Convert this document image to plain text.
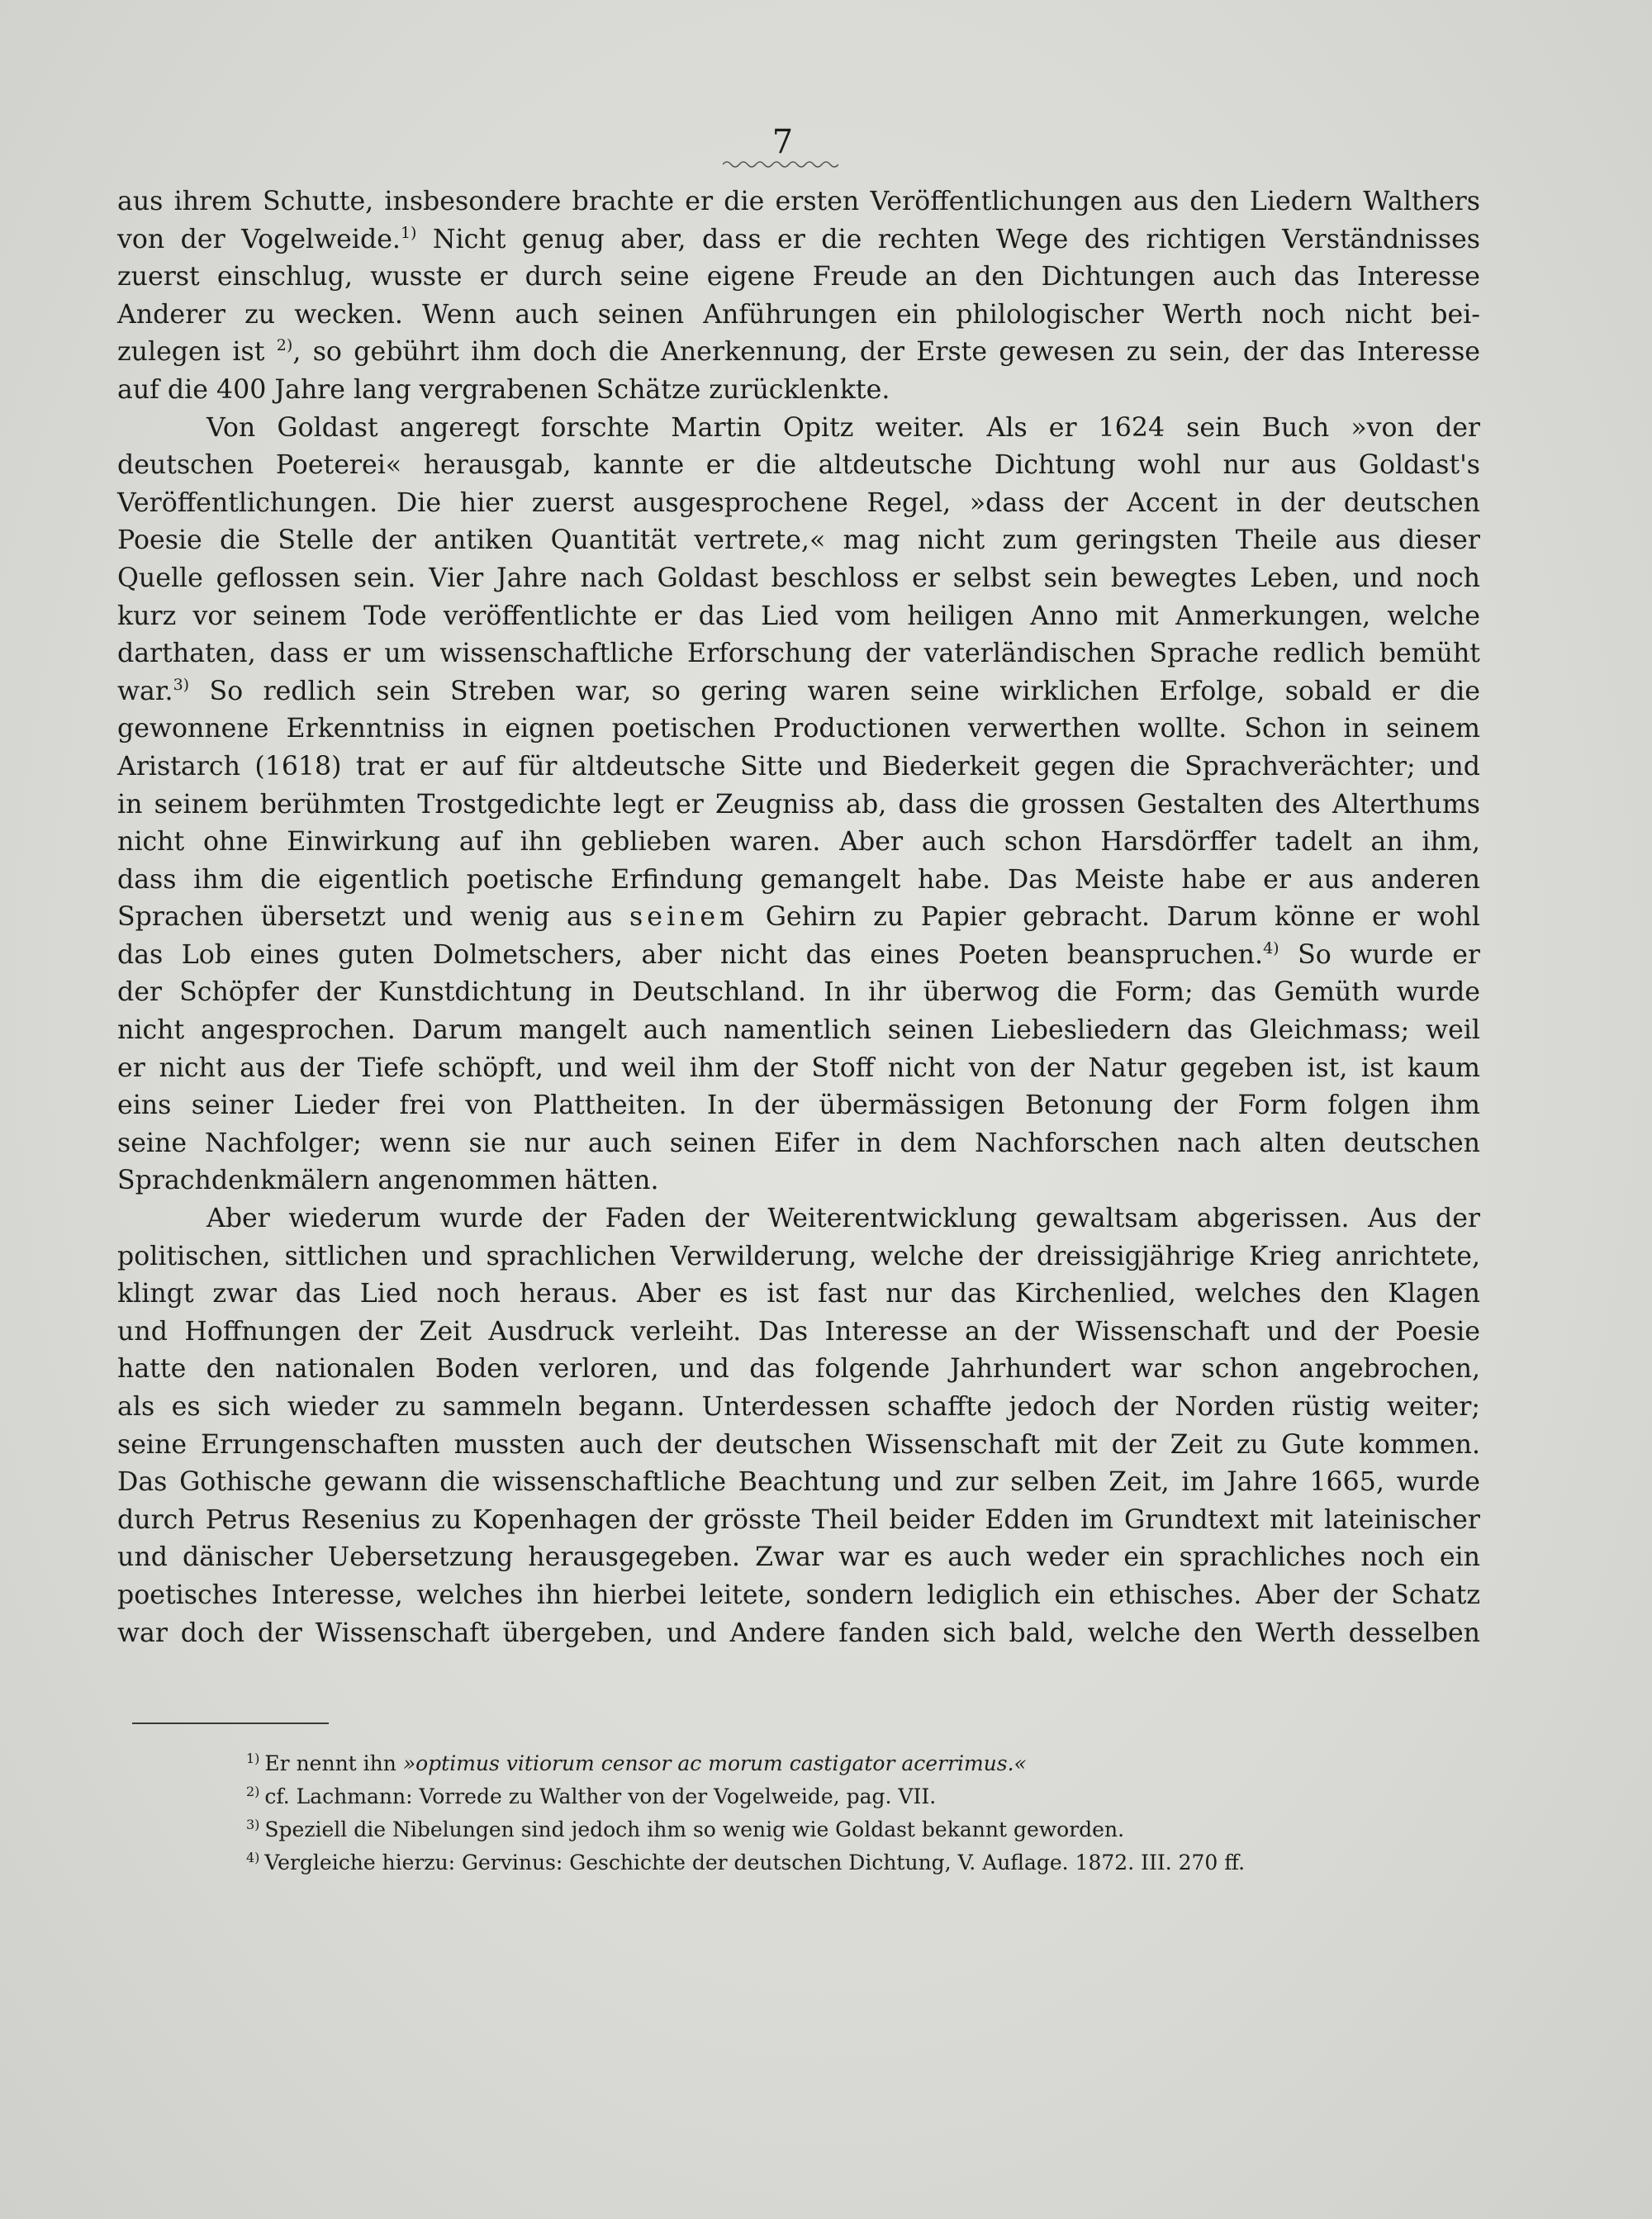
7
aus ihrem Schutte, insbesondere brachte er die ersten Veröffentlichungen aus den Liedern Walthers
von der Vogelweide.$^{1)}$ Nicht genug aber, dass er die rechten Wege des richtigen Verständnisses
zuerst einschlug, wusste er durch seine eigene Freude an den Dichtungen auch das Interesse
Anderer zu wecken. Wenn auch seinen Anführungen ein philologischer Werth noch nicht bei-
zulegen ist $^{2)}$, so gebührt ihm doch die Anerkennung, der Erste gewesen zu sein, der das Interesse
auf die 400 Jahre lang vergrabenen Schätze zurücklenkte.
Von Goldast angeregt forschte Martin Opitz weiter. Als er 1624 sein Buch »von der
deutschen Poeterei« herausgab, kannte er die altdeutsche Dichtung wohl nur aus Goldast's
Veröffentlichungen. Die hier zuerst ausgesprochene Regel, »dass der Accent in der deutschen
Poesie die Stelle der antiken Quantität vertrete,« mag nicht zum geringsten Theile aus dieser
Quelle geflossen sein. Vier Jahre nach Goldast beschloss er selbst sein bewegtes Leben, und noch
kurz vor seinem Tode veröffentlichte er das Lied vom heiligen Anno mit Anmerkungen, welche
darthaten, dass er um wissenschaftliche Erforschung der vaterländischen Sprache redlich bemüht
war.$^{3)}$ So redlich sein Streben war, so gering waren seine wirklichen Erfolge, sobald er die
gewonnene Erkenntniss in eignen poetischen Productionen verwerthen wollte. Schon in seinem
Aristarch (1618) trat er auf für altdeutsche Sitte und Biederkeit gegen die Sprachverächter; und
in seinem berühmten Trostgedichte legt er Zeugniss ab, dass die grossen Gestalten des Alterthums
nicht ohne Einwirkung auf ihn geblieben waren. Aber auch schon Harsdörffer tadelt an ihm,
dass ihm die eigentlich poetische Erfindung gemangelt habe. Das Meiste habe er aus anderen
Sprachen übersetzt und wenig aus seinem Gehirn zu Papier gebracht. Darum könne er wohl
das Lob eines guten Dolmetschers, aber nicht das eines Poeten beanspruchen.$^{4)}$ So wurde er
der Schöpfer der Kunstdichtung in Deutschland. In ihr überwog die Form; das Gemüth wurde
nicht angesprochen. Darum mangelt auch namentlich seinen Liebesliedern das Gleichmass; weil
er nicht aus der Tiefe schöpft, und weil ihm der Stoff nicht von der Natur gegeben ist, ist kaum
eins seiner Lieder frei von Plattheiten. In der übermässigen Betonung der Form folgen ihm
seine Nachfolger; wenn sie nur auch seinen Eifer in dem Nachforschen nach alten deutschen
Sprachdenkmälern angenommen hätten.
Aber wiederum wurde der Faden der Weiterentwicklung gewaltsam abgerissen. Aus der
politischen, sittlichen und sprachlichen Verwilderung, welche der dreissigjährige Krieg anrichtete,
klingt zwar das Lied noch heraus. Aber es ist fast nur das Kirchenlied, welches den Klagen
und Hoffnungen der Zeit Ausdruck verleiht. Das Interesse an der Wissenschaft und der Poesie
hatte den nationalen Boden verloren, und das folgende Jahrhundert war schon angebrochen,
als es sich wieder zu sammeln begann. Unterdessen schaffte jedoch der Norden rüstig weiter;
seine Errungenschaften mussten auch der deutschen Wissenschaft mit der Zeit zu Gute kommen.
Das Gothische gewann die wissenschaftliche Beachtung und zur selben Zeit, im Jahre 1665, wurde
durch Petrus Resenius zu Kopenhagen der grösste Theil beider Edden im Grundtext mit lateinischer
und dänischer Uebersetzung herausgegeben. Zwar war es auch weder ein sprachliches noch ein
poetisches Interesse, welches ihn hierbei leitete, sondern lediglich ein ethisches. Aber der Schatz
war doch der Wissenschaft übergeben, und Andere fanden sich bald, welche den Werth desselben
$^{1)}$ Er nennt ihn »optimus vitiorum censor ac morum castigator acerrimus.«
$^{2)}$ cf. Lachmann: Vorrede zu Walther von der Vogelweide, pag. VII.
$^{3)}$ Speziell die Nibelungen sind jedoch ihm so wenig wie Goldast bekannt geworden.
$^{4)}$ Vergleiche hierzu: Gervinus: Geschichte der deutschen Dichtung, V. Auflage. 1872. III. 270 ff.
